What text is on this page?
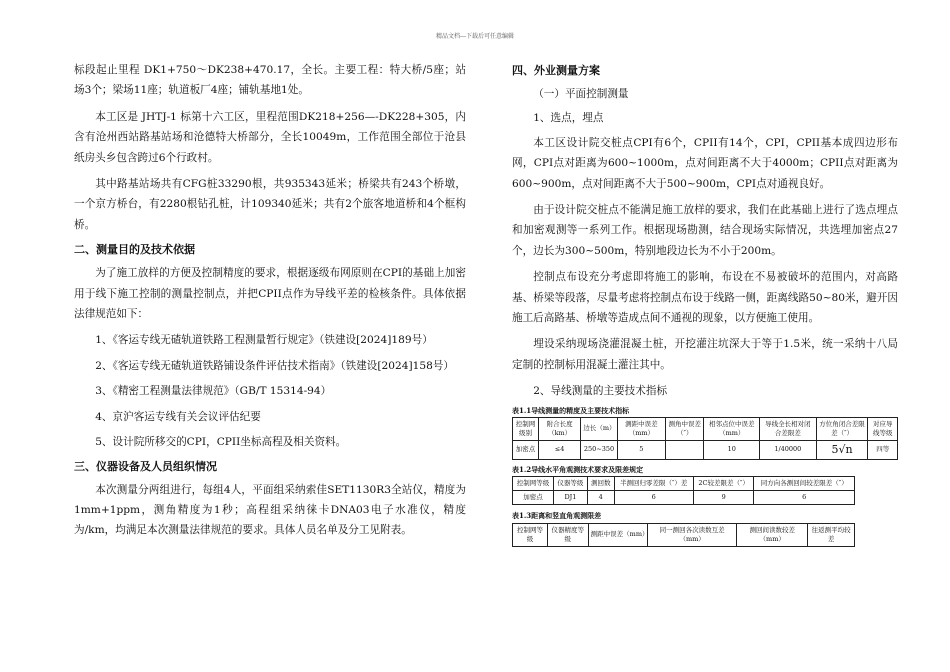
精品文档---下载后可任意编辑

标段起止里程 DK1+750～DK238+470.17，全长。主要工程：特大桥/5座；站场3个；梁场11座；轨道板厂4座；铺轨基地1处。

本工区是 JHTJ-1 标第十六工区，里程范围DK218+256—-DK228+305，内含有沧州西站路基站场和沧德特大桥部分，全长10049m，工作范围全部位于沧县纸房头乡包含跨过6个行政村。

其中路基站场共有CFG桩33290根，共935343延米；桥梁共有243个桥墩，一个京方桥台，有2280根钻孔桩，计109340延米；共有2个旅客地道桥和4个框构桥。

二、测量目的及技术依据

为了施工放样的方便及控制精度的要求，根据逐级布网原则在CPI的基础上加密用于线下施工控制的测量控制点，并把CPII点作为导线平差的检核条件。具体依据法律规范如下：

1、《客运专线无碴轨道铁路工程测量暂行规定》（铁建设[2024]189号）

2、《客运专线无碴轨道铁路铺设条件评估技术指南》（铁建设[2024]158号）

3、《精密工程测量法律规范》（GB/T 15314-94）

4、京沪客运专线有关会议评估纪要

5、设计院所移交的CPI，CPII坐标高程及相关资料。

三、仪器设备及人员组织情况

本次测量分两组进行，每组4人，平面组采纳索佳SET1130R3全站仪，精度为1mm+1ppm，测角精度为1秒；高程组采纳徕卡DNA03电子水准仪，精度为/km，均满足本次测量法律规范的要求。具体人员名单及分工见附表。

四、外业测量方案
（一）平面控制测量
1、选点，埋点

本工区设计院交桩点CPI有6个，CPII有14个，CPI，CPII基本成四边形布网，CPI点对距离为600~1000m，点对间距离不大于4000m；CPII点对距离为600~900m，点对间距离不大于500~900m，CPI点对通视良好。

由于设计院交桩点不能满足施工放样的要求，我们在此基础上进行了选点埋点和加密观测等一系列工作。根据现场勘测，结合现场实际情况，共选埋加密点27个，边长为300~500m，特别地段边长为不小于200m。

控制点布设充分考虑即将施工的影响，布设在不易被破坏的范围内，对高路基、桥梁等段落，尽量考虑将控制点布设于线路一侧，距离线路50~80米，避开因施工后高路基、桥墩等造成点间不通视的现象，以方便施工使用。

埋设采纳现场浇灌混凝土桩，开挖灌注坑深大于等于1.5米，统一采纳十八局定制的控制标用混凝土灌注其中。

2、导线测量的主要技术指标
表1.1导线测量的精度及主要技术指标
控制网级别	附合长度（km）	边长（m）	测距中误差（mm）	测角中误差（″）	相邻点位中误差（mm）	导线全长相对闭合差限差	方位角闭合差限差（″）	对应导线等级
加密点	≤4	250~350	5		10	1/40000	5√n	四等
表1.2导线水平角观测技术要求及限差规定
控制网等级	仪器等级	测回数	半测回归零差限（″）差	2C较差限差（″）	同方向各测回间较差限差（″）
加密点	DJ1	4	6	9	6
表1.3距离和竖直角观测限差
控制网等级	仪器精度等级	测距中误差（mm）	同一测回各次读数互差（mm）	测回间读数较差（mm）	往返测平均较差
